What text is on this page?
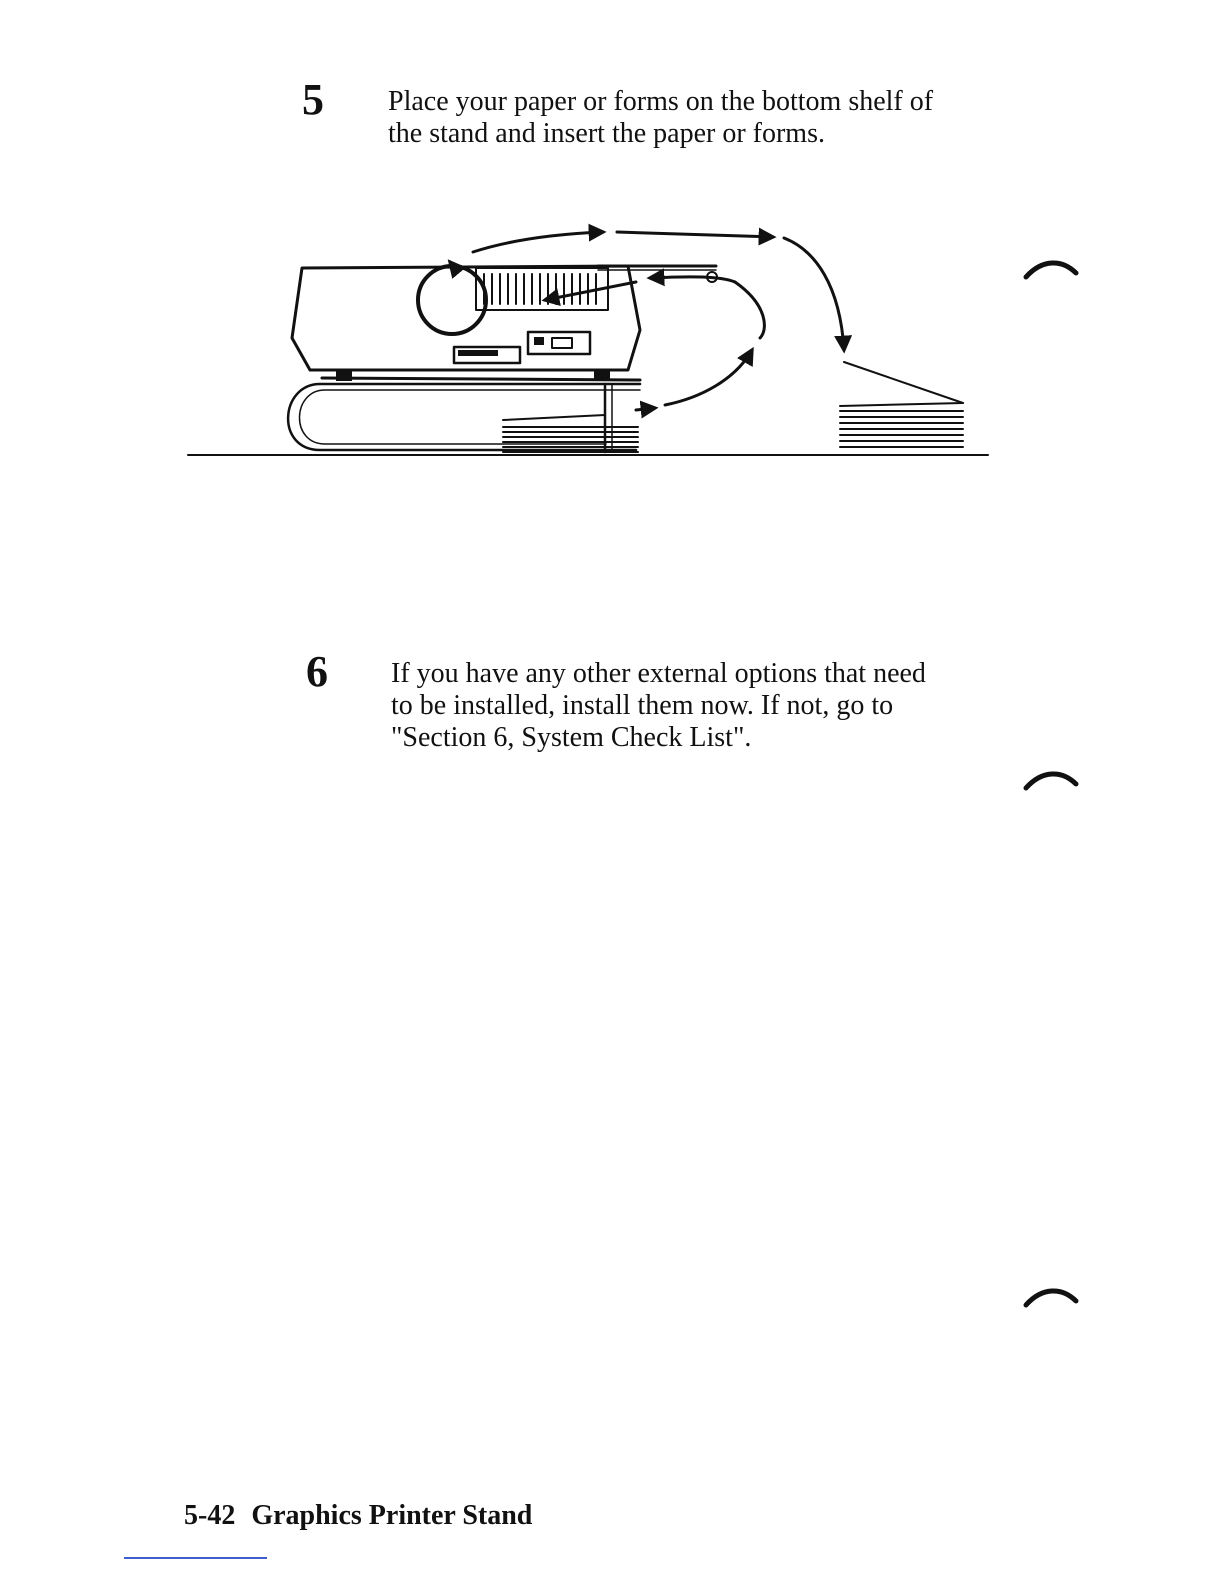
5 Place your paper or forms on the bottom shelf of
the stand and insert the paper or forms.
6 If you have any other external options that need
to be installed, install them now. If not, go to
"Section 6, System Check List".
5-42 Graphics Printer Stand
